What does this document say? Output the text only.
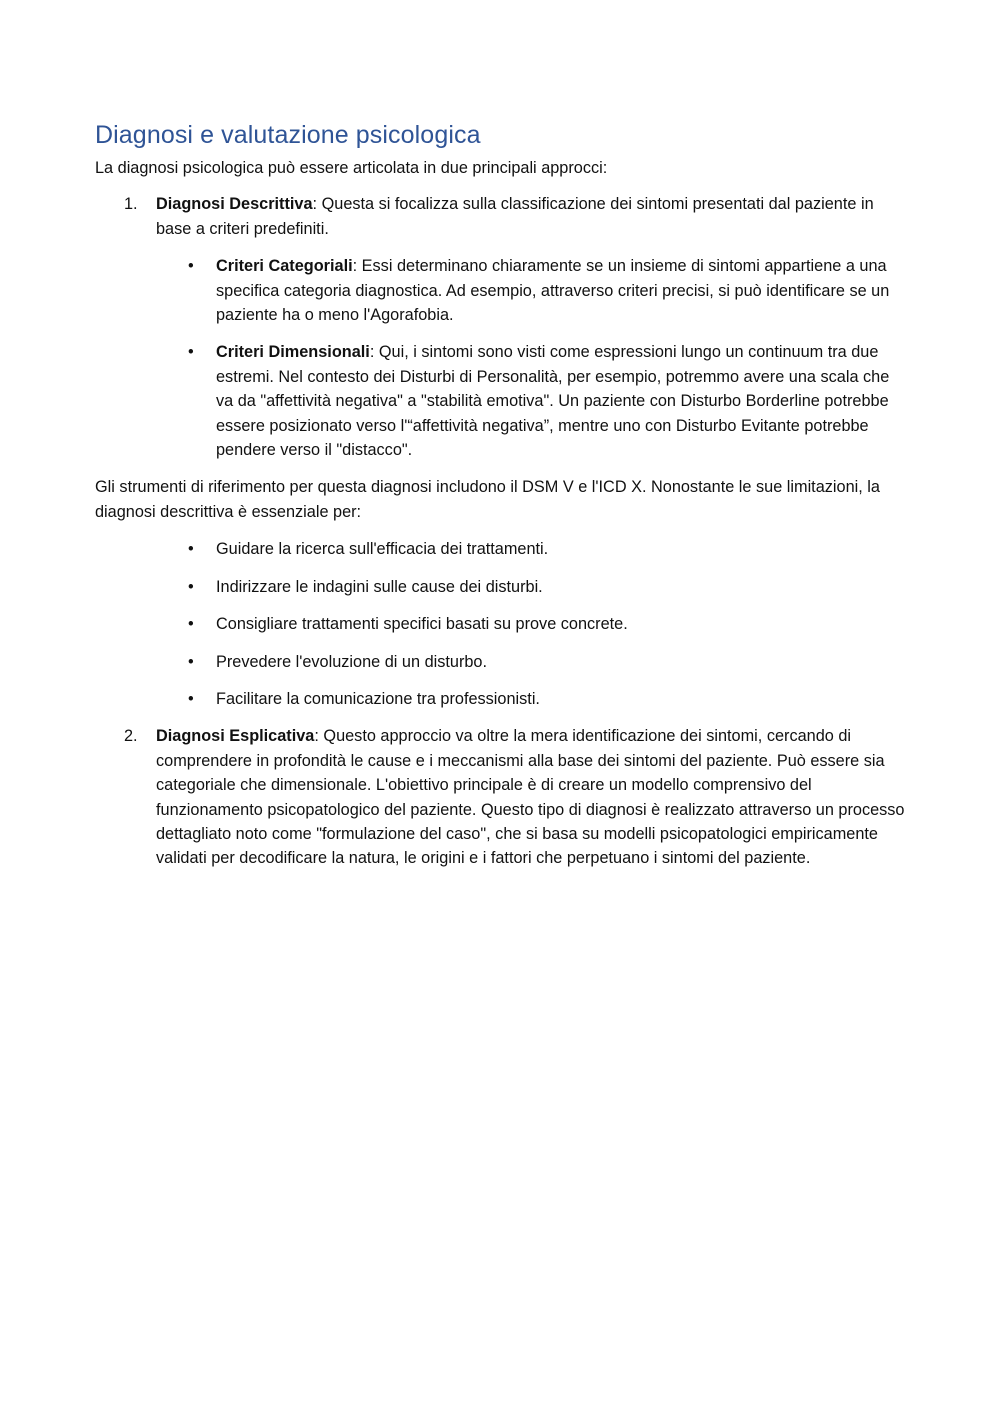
Diagnosi e valutazione psicologica

La diagnosi psicologica può essere articolata in due principali approcci:

1. Diagnosi Descrittiva: Questa si focalizza sulla classificazione dei sintomi presentati dal paziente in base a criteri predefiniti.
• Criteri Categoriali: Essi determinano chiaramente se un insieme di sintomi appartiene a una specifica categoria diagnostica. Ad esempio, attraverso criteri precisi, si può identificare se un paziente ha o meno l'Agorafobia.
• Criteri Dimensionali: Qui, i sintomi sono visti come espressioni lungo un continuum tra due estremi. Nel contesto dei Disturbi di Personalità, per esempio, potremmo avere una scala che va da "affettività negativa" a "stabilità emotiva". Un paziente con Disturbo Borderline potrebbe essere posizionato verso l'“affettività negativa”, mentre uno con Disturbo Evitante potrebbe pendere verso il "distacco".

Gli strumenti di riferimento per questa diagnosi includono il DSM V e l'ICD X. Nonostante le sue limitazioni, la diagnosi descrittiva è essenziale per:

• Guidare la ricerca sull'efficacia dei trattamenti.
• Indirizzare le indagini sulle cause dei disturbi.
• Consigliare trattamenti specifici basati su prove concrete.
• Prevedere l'evoluzione di un disturbo.
• Facilitare la comunicazione tra professionisti.
2. Diagnosi Esplicativa: Questo approccio va oltre la mera identificazione dei sintomi, cercando di comprendere in profondità le cause e i meccanismi alla base dei sintomi del paziente. Può essere sia categoriale che dimensionale. L'obiettivo principale è di creare un modello comprensivo del funzionamento psicopatologico del paziente. Questo tipo di diagnosi è realizzato attraverso un processo dettagliato noto come "formulazione del caso", che si basa su modelli psicopatologici empiricamente validati per decodificare la natura, le origini e i fattori che perpetuano i sintomi del paziente.
